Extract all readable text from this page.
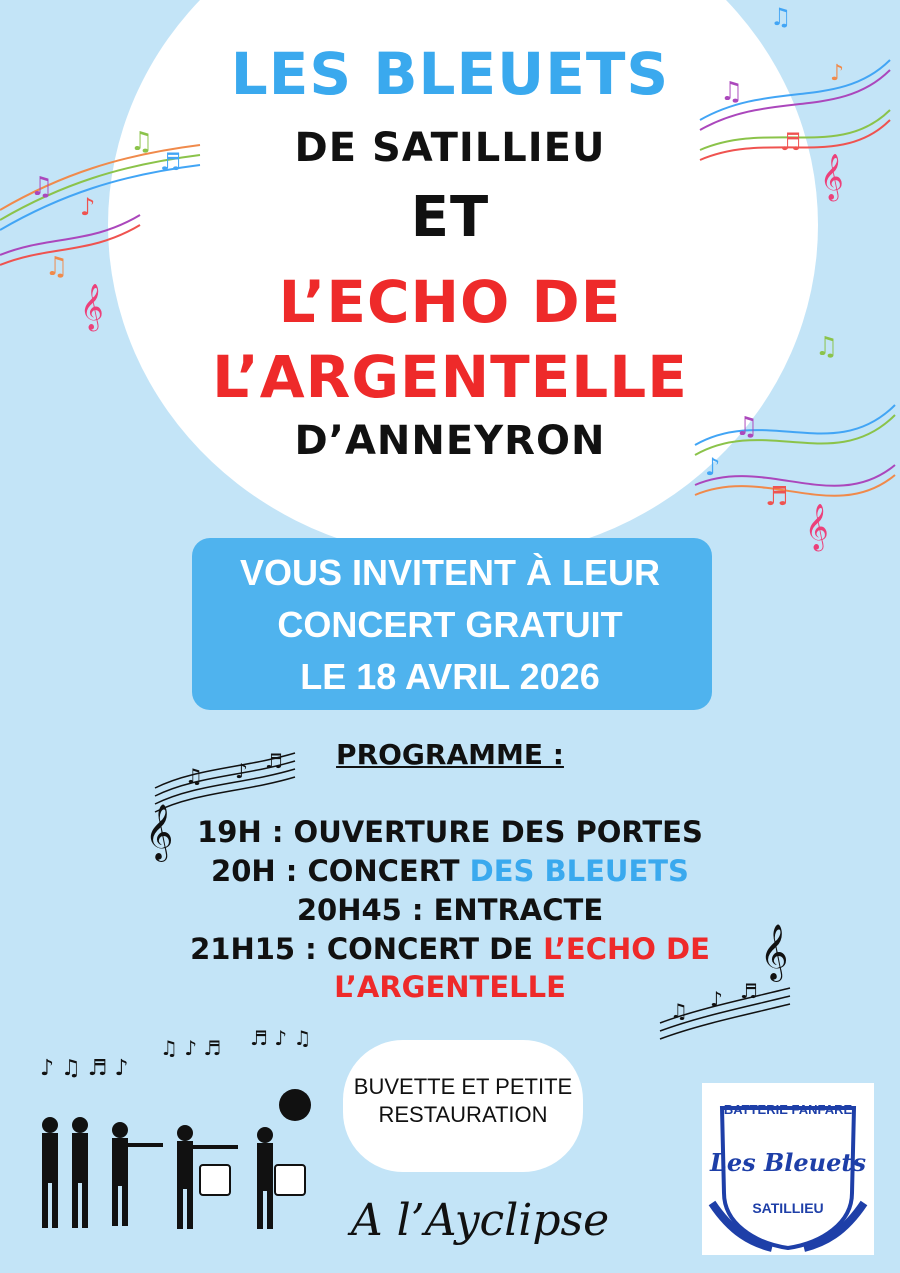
♫
♪
♫
♬
♫
𝄞
♫
♫
♬
♪
𝄞
♫
♫
♪
♬
𝄞
LES BLEUETS
DE SATILLIEU
ET
L’ECHO DE
L’ARGENTELLE
D’ANNEYRON
VOUS INVITENT À LEUR
CONCERT GRATUIT
LE 18 AVRIL 2026
♫ ♪ ♬
𝄞
PROGRAMME :
19H : OUVERTURE DES PORTES
20H : CONCERT DES BLEUETS
20H45 : ENTRACTE
21H15 : CONCERT DE L’ECHO DE
L’ARGENTELLE
♫ ♪ ♬
𝄞
♪ ♫ ♬ ♪
♫ ♪ ♬ ♬ ♪ ♫
BUVETTE ET PETITE
RESTAURATION
A l’Ayclipse
BATTERIE FANFARE
Les Bleuets
SATILLIEU
